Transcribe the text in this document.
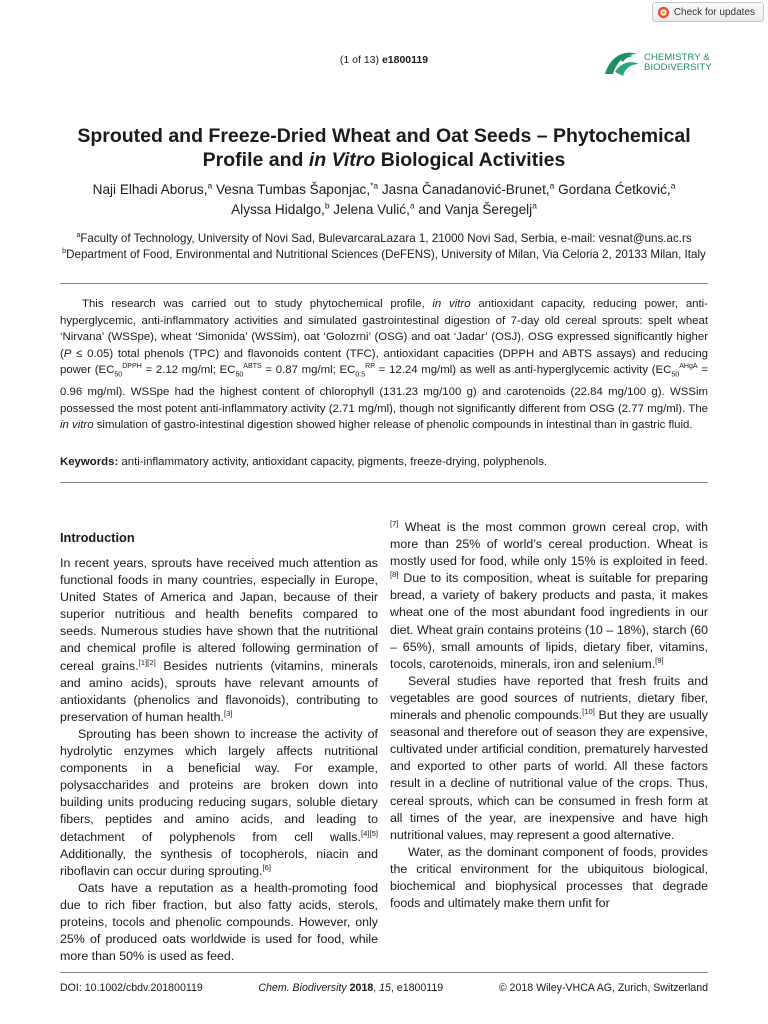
Check for updates
(1 of 13) e1800119	CHEMISTRY &
BIODIVERSITY
Sprouted and Freeze-Dried Wheat and Oat Seeds – Phytochemical
Profile and in Vitro Biological Activities
Naji Elhadi Aborus,$^a$ Vesna Tumbas Šaponjac,$^{*a}$ Jasna Čanadanović-Brunet,$^a$ Gordana Ćetković,$^a$
Alyssa Hidalgo,$^b$ Jelena Vulić,$^a$ and Vanja Šeregelj$^a$
$^a$Faculty of Technology, University of Novi Sad, BulevarcaraLazara 1, 21000 Novi Sad, Serbia, e-mail: vesnat@uns.ac.rs
$^b$Department of Food, Environmental and Nutritional Sciences (DeFENS), University of Milan, Via Celoria 2, 20133 Milan, Italy
This research was carried out to study phytochemical profile, in vitro antioxidant capacity, reducing power, anti-hyperglycemic, anti-inflammatory activities and simulated gastrointestinal digestion of 7-day old cereal sprouts: spelt wheat ‘Nirvana’ (WSSpe), wheat ‘Simonida’ (WSSim), oat ‘Golozrni’ (OSG) and oat ‘Jadar’ (OSJ). OSG expressed significantly higher (P ≤ 0.05) total phenols (TPC) and flavonoids content (TFC), antioxidant capacities (DPPH and ABTS assays) and reducing power ($EC_{50}^{DPPH} = 2.12$ mg/ml; $EC_{50}^{ABTS} = 0.87$ mg/ml; $EC_{0.5}^{RP} = 12.24$ mg/ml) as well as anti-hyperglycemic activity ($EC_{50}^{AHgA} = 0.96$ mg/ml). WSSpe had the highest content of chlorophyll (131.23 mg/100 g) and carotenoids (22.84 mg/100 g). WSSim possessed the most potent anti-inflammatory activity (2.71 mg/ml), though not significantly different from OSG (2.77 mg/ml). The in vitro simulation of gastro-intestinal digestion showed higher release of phenolic compounds in intestinal than in gastric fluid.
Keywords: anti-inflammatory activity, antioxidant capacity, pigments, freeze-drying, polyphenols.
Introduction

In recent years, sprouts have received much attention as functional foods in many countries, especially in Europe, United States of America and Japan, because of their superior nutritious and health benefits compared to seeds. Numerous studies have shown that the nutritional and chemical profile is altered following germination of cereal grains.[1][2] Besides nutrients (vitamins, minerals and amino acids), sprouts have relevant amounts of antioxidants (phenolics and flavonoids), contributing to preservation of human health.[3]

Sprouting has been shown to increase the activity of hydrolytic enzymes which largely affects nutritional components in a beneficial way. For example, polysaccharides and proteins are broken down into building units producing reducing sugars, soluble dietary fibers, peptides and amino acids, and leading to detachment of polyphenols from cell walls.[4][5] Additionally, the synthesis of tocopherols, niacin and riboflavin can occur during sprouting.[6]

Oats have a reputation as a health-promoting food due to rich fiber fraction, but also fatty acids, sterols, proteins, tocols and phenolic compounds. However, only 25% of produced oats worldwide is used for food, while more than 50% is used as feed.

[7] Wheat is the most common grown cereal crop, with more than 25% of world’s cereal production. Wheat is mostly used for food, while only 15% is exploited in feed.[8] Due to its composition, wheat is suitable for preparing bread, a variety of bakery products and pasta, it makes wheat one of the most abundant food ingredients in our diet. Wheat grain contains proteins (10 – 18%), starch (60 – 65%), small amounts of lipids, dietary fiber, vitamins, tocols, carotenoids, minerals, iron and selenium.[9]

Several studies have reported that fresh fruits and vegetables are good sources of nutrients, dietary fiber, minerals and phenolic compounds.[10] But they are usually seasonal and therefore out of season they are expensive, cultivated under artificial condition, prematurely harvested and exported to other parts of world. All these factors result in a decline of nutritional value of the crops. Thus, cereal sprouts, which can be consumed in fresh form at all times of the year, are inexpensive and have high nutritional values, may represent a good alternative.

Water, as the dominant component of foods, provides the critical environment for the ubiquitous biological, biochemical and biophysical processes that degrade foods and ultimately make them unfit for

DOI: 10.1002/cbdv.201800119	Chem. Biodiversity 2018, 15, e1800119	© 2018 Wiley-VHCA AG, Zurich, Switzerland
